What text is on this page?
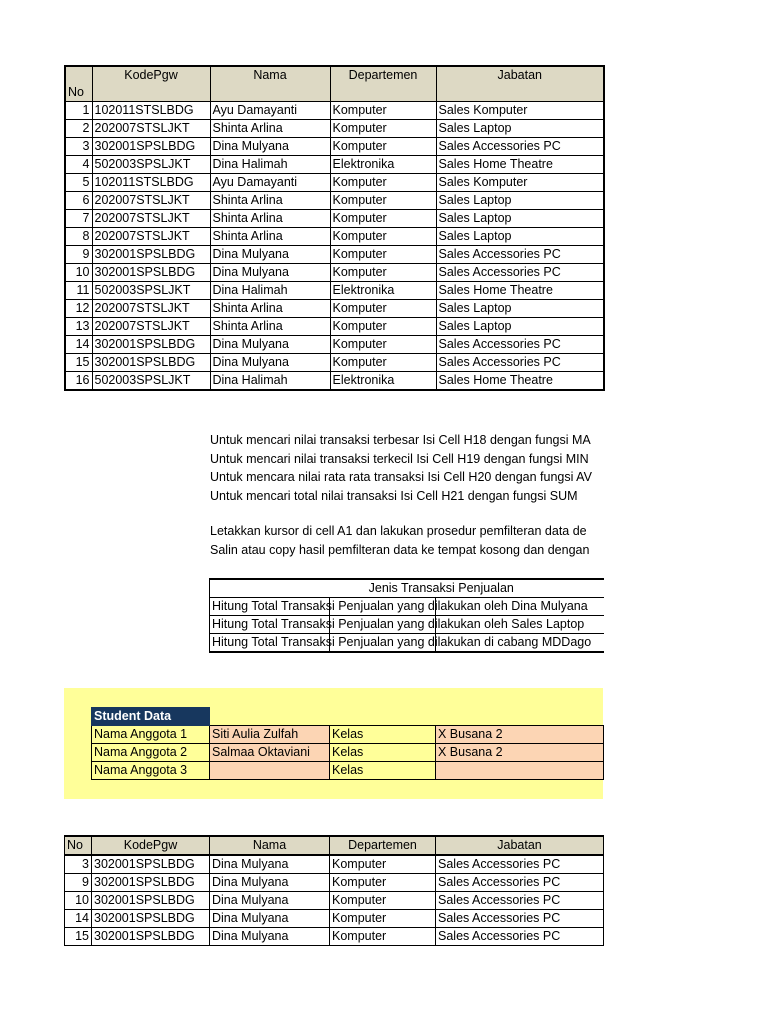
No	KodePgw	Nama	Departemen	Jabatan
1	102011STSLBDG	Ayu Damayanti	Komputer	Sales Komputer
2	202007STSLJKT	Shinta Arlina	Komputer	Sales Laptop
3	302001SPSLBDG	Dina Mulyana	Komputer	Sales Accessories PC
4	502003SPSLJKT	Dina Halimah	Elektronika	Sales Home Theatre
5	102011STSLBDG	Ayu Damayanti	Komputer	Sales Komputer
6	202007STSLJKT	Shinta Arlina	Komputer	Sales Laptop
7	202007STSLJKT	Shinta Arlina	Komputer	Sales Laptop
8	202007STSLJKT	Shinta Arlina	Komputer	Sales Laptop
9	302001SPSLBDG	Dina Mulyana	Komputer	Sales Accessories PC
10	302001SPSLBDG	Dina Mulyana	Komputer	Sales Accessories PC
11	502003SPSLJKT	Dina Halimah	Elektronika	Sales Home Theatre
12	202007STSLJKT	Shinta Arlina	Komputer	Sales Laptop
13	202007STSLJKT	Shinta Arlina	Komputer	Sales Laptop
14	302001SPSLBDG	Dina Mulyana	Komputer	Sales Accessories PC
15	302001SPSLBDG	Dina Mulyana	Komputer	Sales Accessories PC
16	502003SPSLJKT	Dina Halimah	Elektronika	Sales Home Theatre
Untuk mencari nilai transaksi terbesar Isi Cell H18 dengan fungsi MA
Untuk mencari nilai transaksi terkecil Isi Cell H19 dengan fungsi MIN
Untuk mencara nilai rata rata transaksi Isi Cell H20 dengan fungsi AV
Untuk mencari total nilai transaksi Isi Cell H21 dengan fungsi SUM
Letakkan kursor di cell A1 dan lakukan prosedur pemfilteran data de
Salin atau copy hasil pemfilteran data ke tempat kosong dan dengan
Jenis Transaksi Penjualan		
Hitung Total Transaksi Penjualan yang dilakukan oleh Dina Mulyana		
Hitung Total Transaksi Penjualan yang dilakukan oleh Sales Laptop		
Hitung Total Transaksi Penjualan yang dilakukan di cabang MDDago		
Student Data			
Nama Anggota 1	Siti Aulia Zulfah	Kelas	X Busana 2
Nama Anggota 2	Salmaa Oktaviani	Kelas	X Busana 2
Nama Anggota 3		Kelas	
No	KodePgw	Nama	Departemen	Jabatan
3	302001SPSLBDG	Dina Mulyana	Komputer	Sales Accessories PC
9	302001SPSLBDG	Dina Mulyana	Komputer	Sales Accessories PC
10	302001SPSLBDG	Dina Mulyana	Komputer	Sales Accessories PC
14	302001SPSLBDG	Dina Mulyana	Komputer	Sales Accessories PC
15	302001SPSLBDG	Dina Mulyana	Komputer	Sales Accessories PC
